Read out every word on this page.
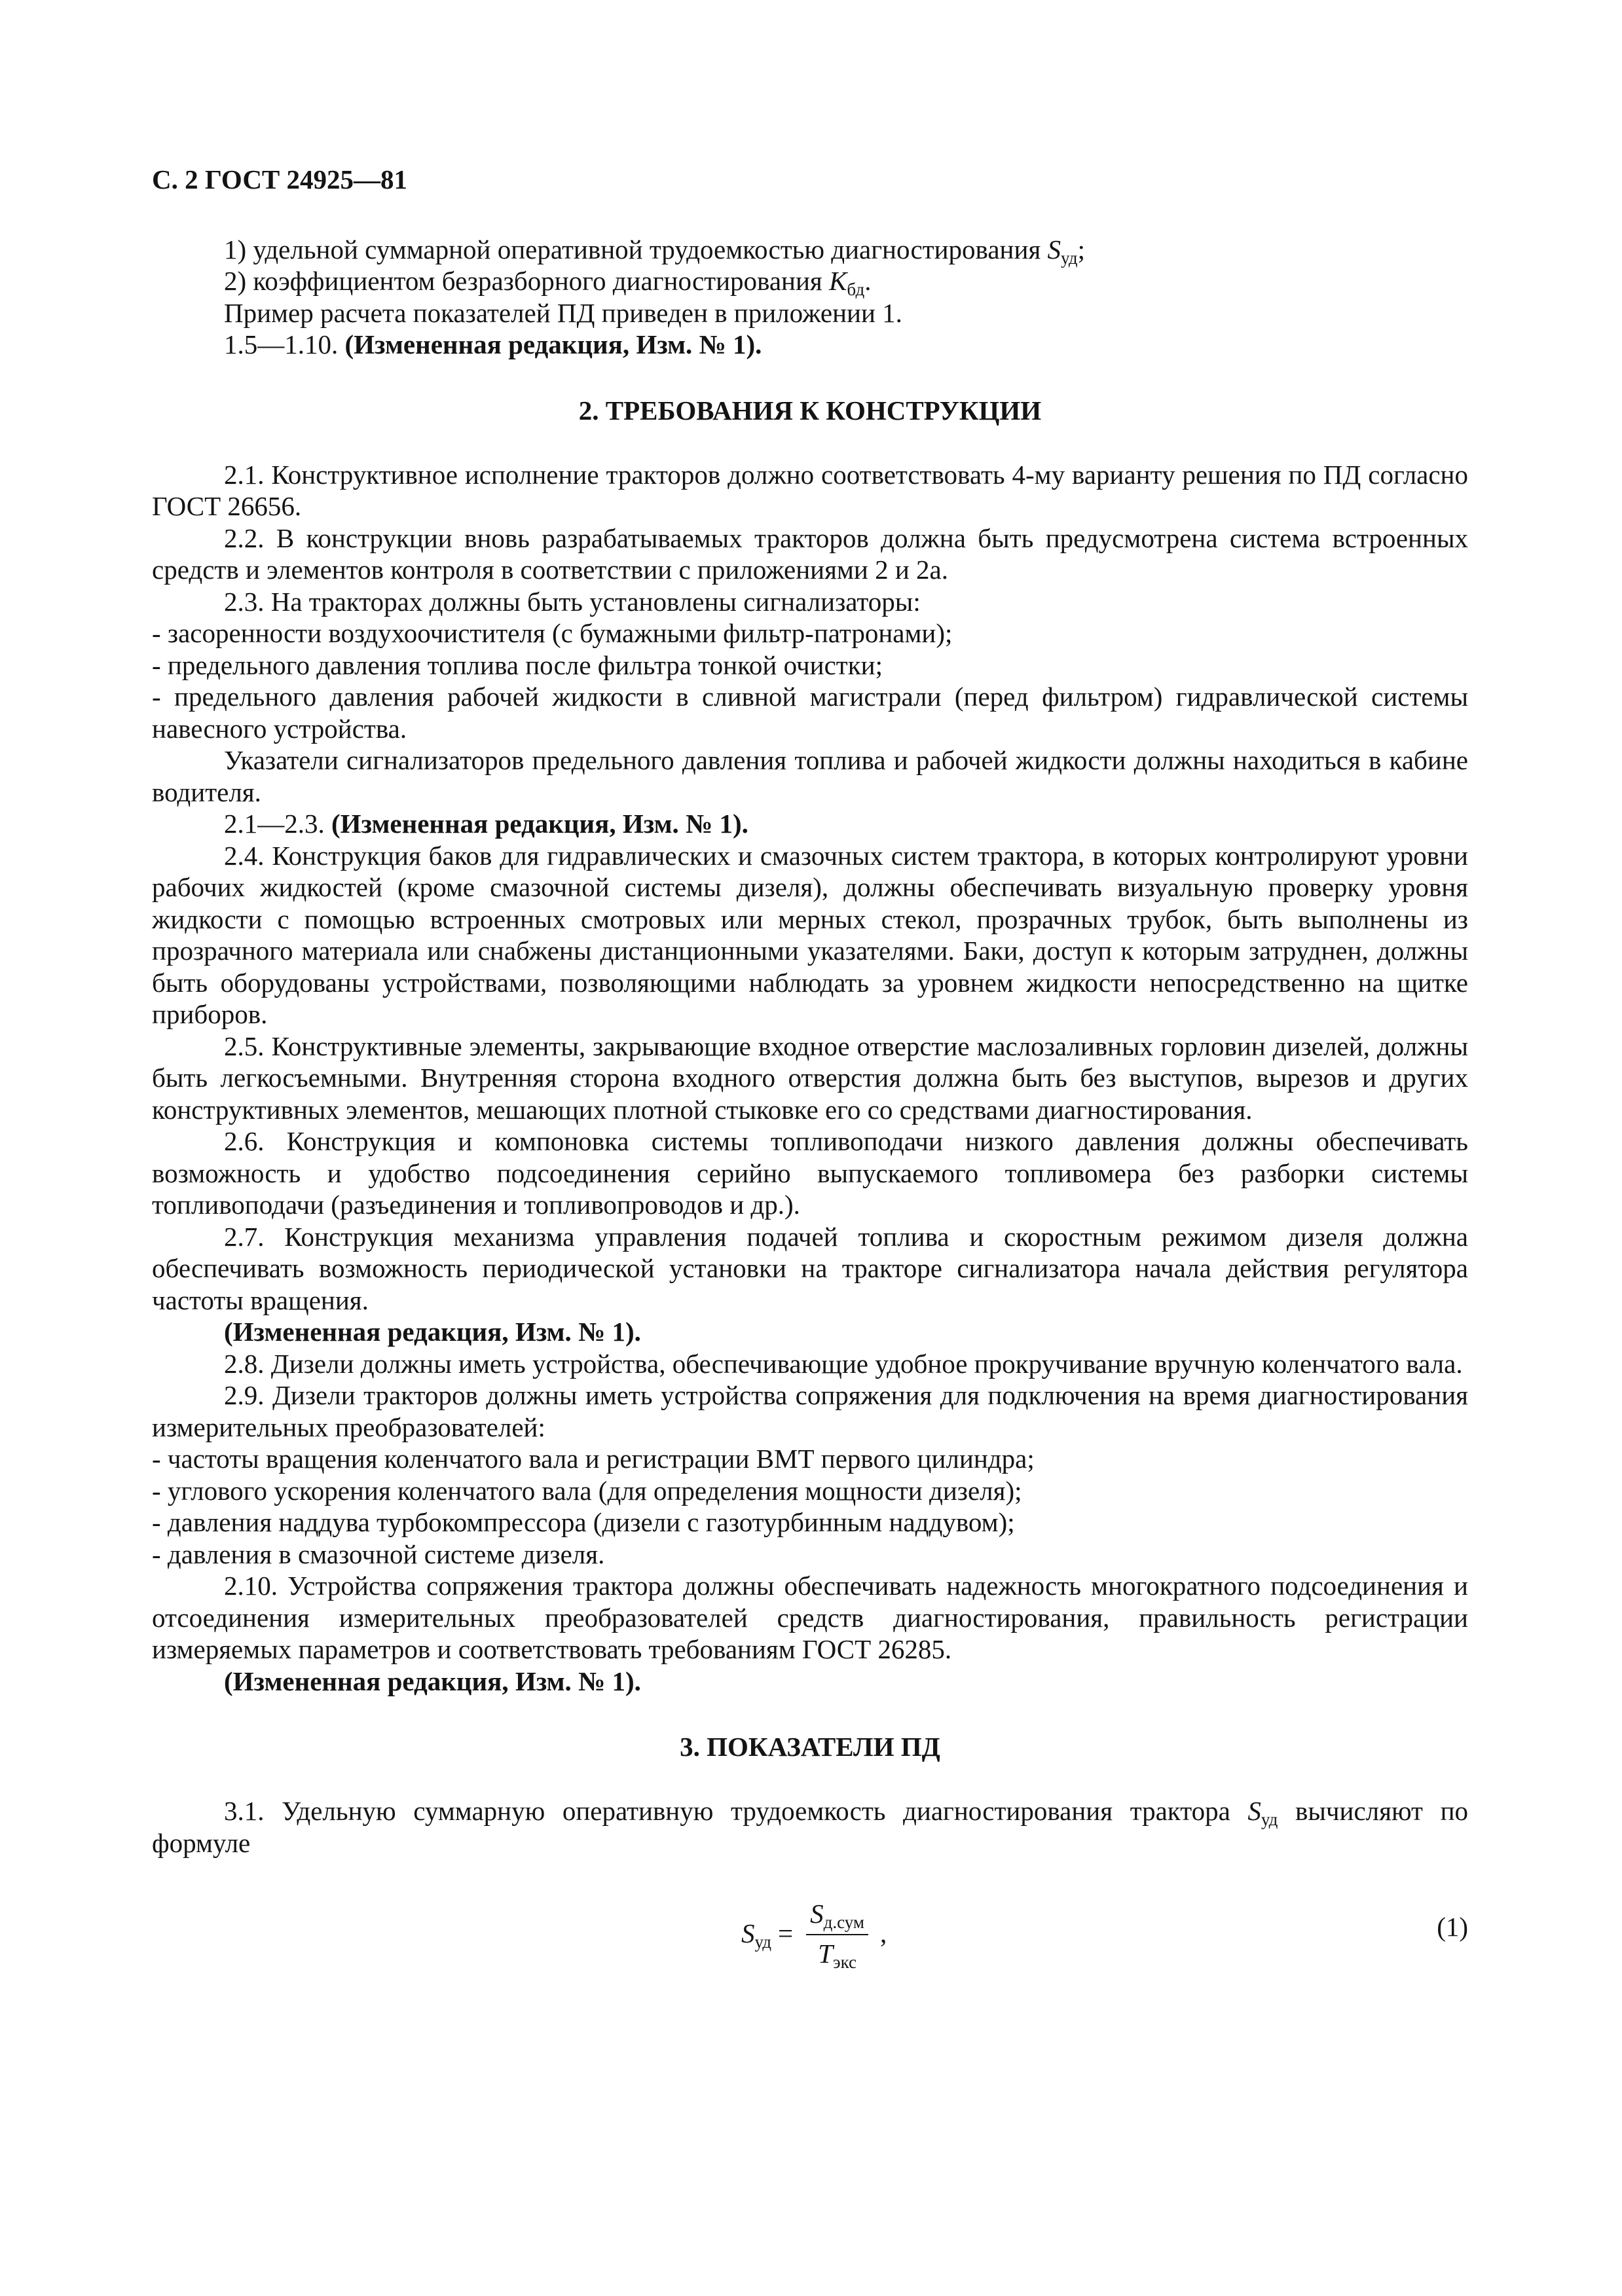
С. 2 ГОСТ 24925—81

1) удельной суммарной оперативной трудоемкостью диагностирования $S_{уд}$;

2) коэффициентом безразборного диагностирования $K_{бд}$.

Пример расчета показателей ПД приведен в приложении 1.

1.5—1.10. (Измененная редакция, Изм. № 1).

2. ТРЕБОВАНИЯ К КОНСТРУКЦИИ

2.1. Конструктивное исполнение тракторов должно соответствовать 4-му варианту решения по ПД согласно ГОСТ 26656.

2.2. В конструкции вновь разрабатываемых тракторов должна быть предусмотрена система встроенных средств и элементов контроля в соответствии с приложениями 2 и 2а.

2.3. На тракторах должны быть установлены сигнализаторы:

- засоренности воздухоочистителя (с бумажными фильтр-патронами);

- предельного давления топлива после фильтра тонкой очистки;

- предельного давления рабочей жидкости в сливной магистрали (перед фильтром) гидравлической системы навесного устройства.

Указатели сигнализаторов предельного давления топлива и рабочей жидкости должны находиться в кабине водителя.

2.1—2.3. (Измененная редакция, Изм. № 1).

2.4. Конструкция баков для гидравлических и смазочных систем трактора, в которых контролируют уровни рабочих жидкостей (кроме смазочной системы дизеля), должны обеспечивать визуальную проверку уровня жидкости с помощью встроенных смотровых или мерных стекол, прозрачных трубок, быть выполнены из прозрачного материала или снабжены дистанционными указателями. Баки, доступ к которым затруднен, должны быть оборудованы устройствами, позволяющими наблюдать за уровнем жидкости непосредственно на щитке приборов.

2.5. Конструктивные элементы, закрывающие входное отверстие маслозаливных горловин дизелей, должны быть легкосъемными. Внутренняя сторона входного отверстия должна быть без выступов, вырезов и других конструктивных элементов, мешающих плотной стыковке его со средствами диагностирования.

2.6. Конструкция и компоновка системы топливоподачи низкого давления должны обеспечивать возможность и удобство подсоединения серийно выпускаемого топливомера без разборки системы топливоподачи (разъединения и топливопроводов и др.).

2.7. Конструкция механизма управления подачей топлива и скоростным режимом дизеля должна обеспечивать возможность периодической установки на тракторе сигнализатора начала действия регулятора частоты вращения.

(Измененная редакция, Изм. № 1).

2.8. Дизели должны иметь устройства, обеспечивающие удобное прокручивание вручную коленчатого вала.

2.9. Дизели тракторов должны иметь устройства сопряжения для подключения на время диагностирования измерительных преобразователей:

- частоты вращения коленчатого вала и регистрации ВМТ первого цилиндра;

- углового ускорения коленчатого вала (для определения мощности дизеля);

- давления наддува турбокомпрессора (дизели с газотурбинным наддувом);

- давления в смазочной системе дизеля.

2.10. Устройства сопряжения трактора должны обеспечивать надежность многократного подсоединения и отсоединения измерительных преобразователей средств диагностирования, правильность регистрации измеряемых параметров и соответствовать требованиям ГОСТ 26285.

(Измененная редакция, Изм. № 1).

3. ПОКАЗАТЕЛИ ПД

3.1. Удельную суммарную оперативную трудоемкость диагностирования трактора $S_{уд}$ вычисляют по формуле

$S_{уд} = \frac{S_{д.сум}}{T_{экс}}$ ,	(1)
